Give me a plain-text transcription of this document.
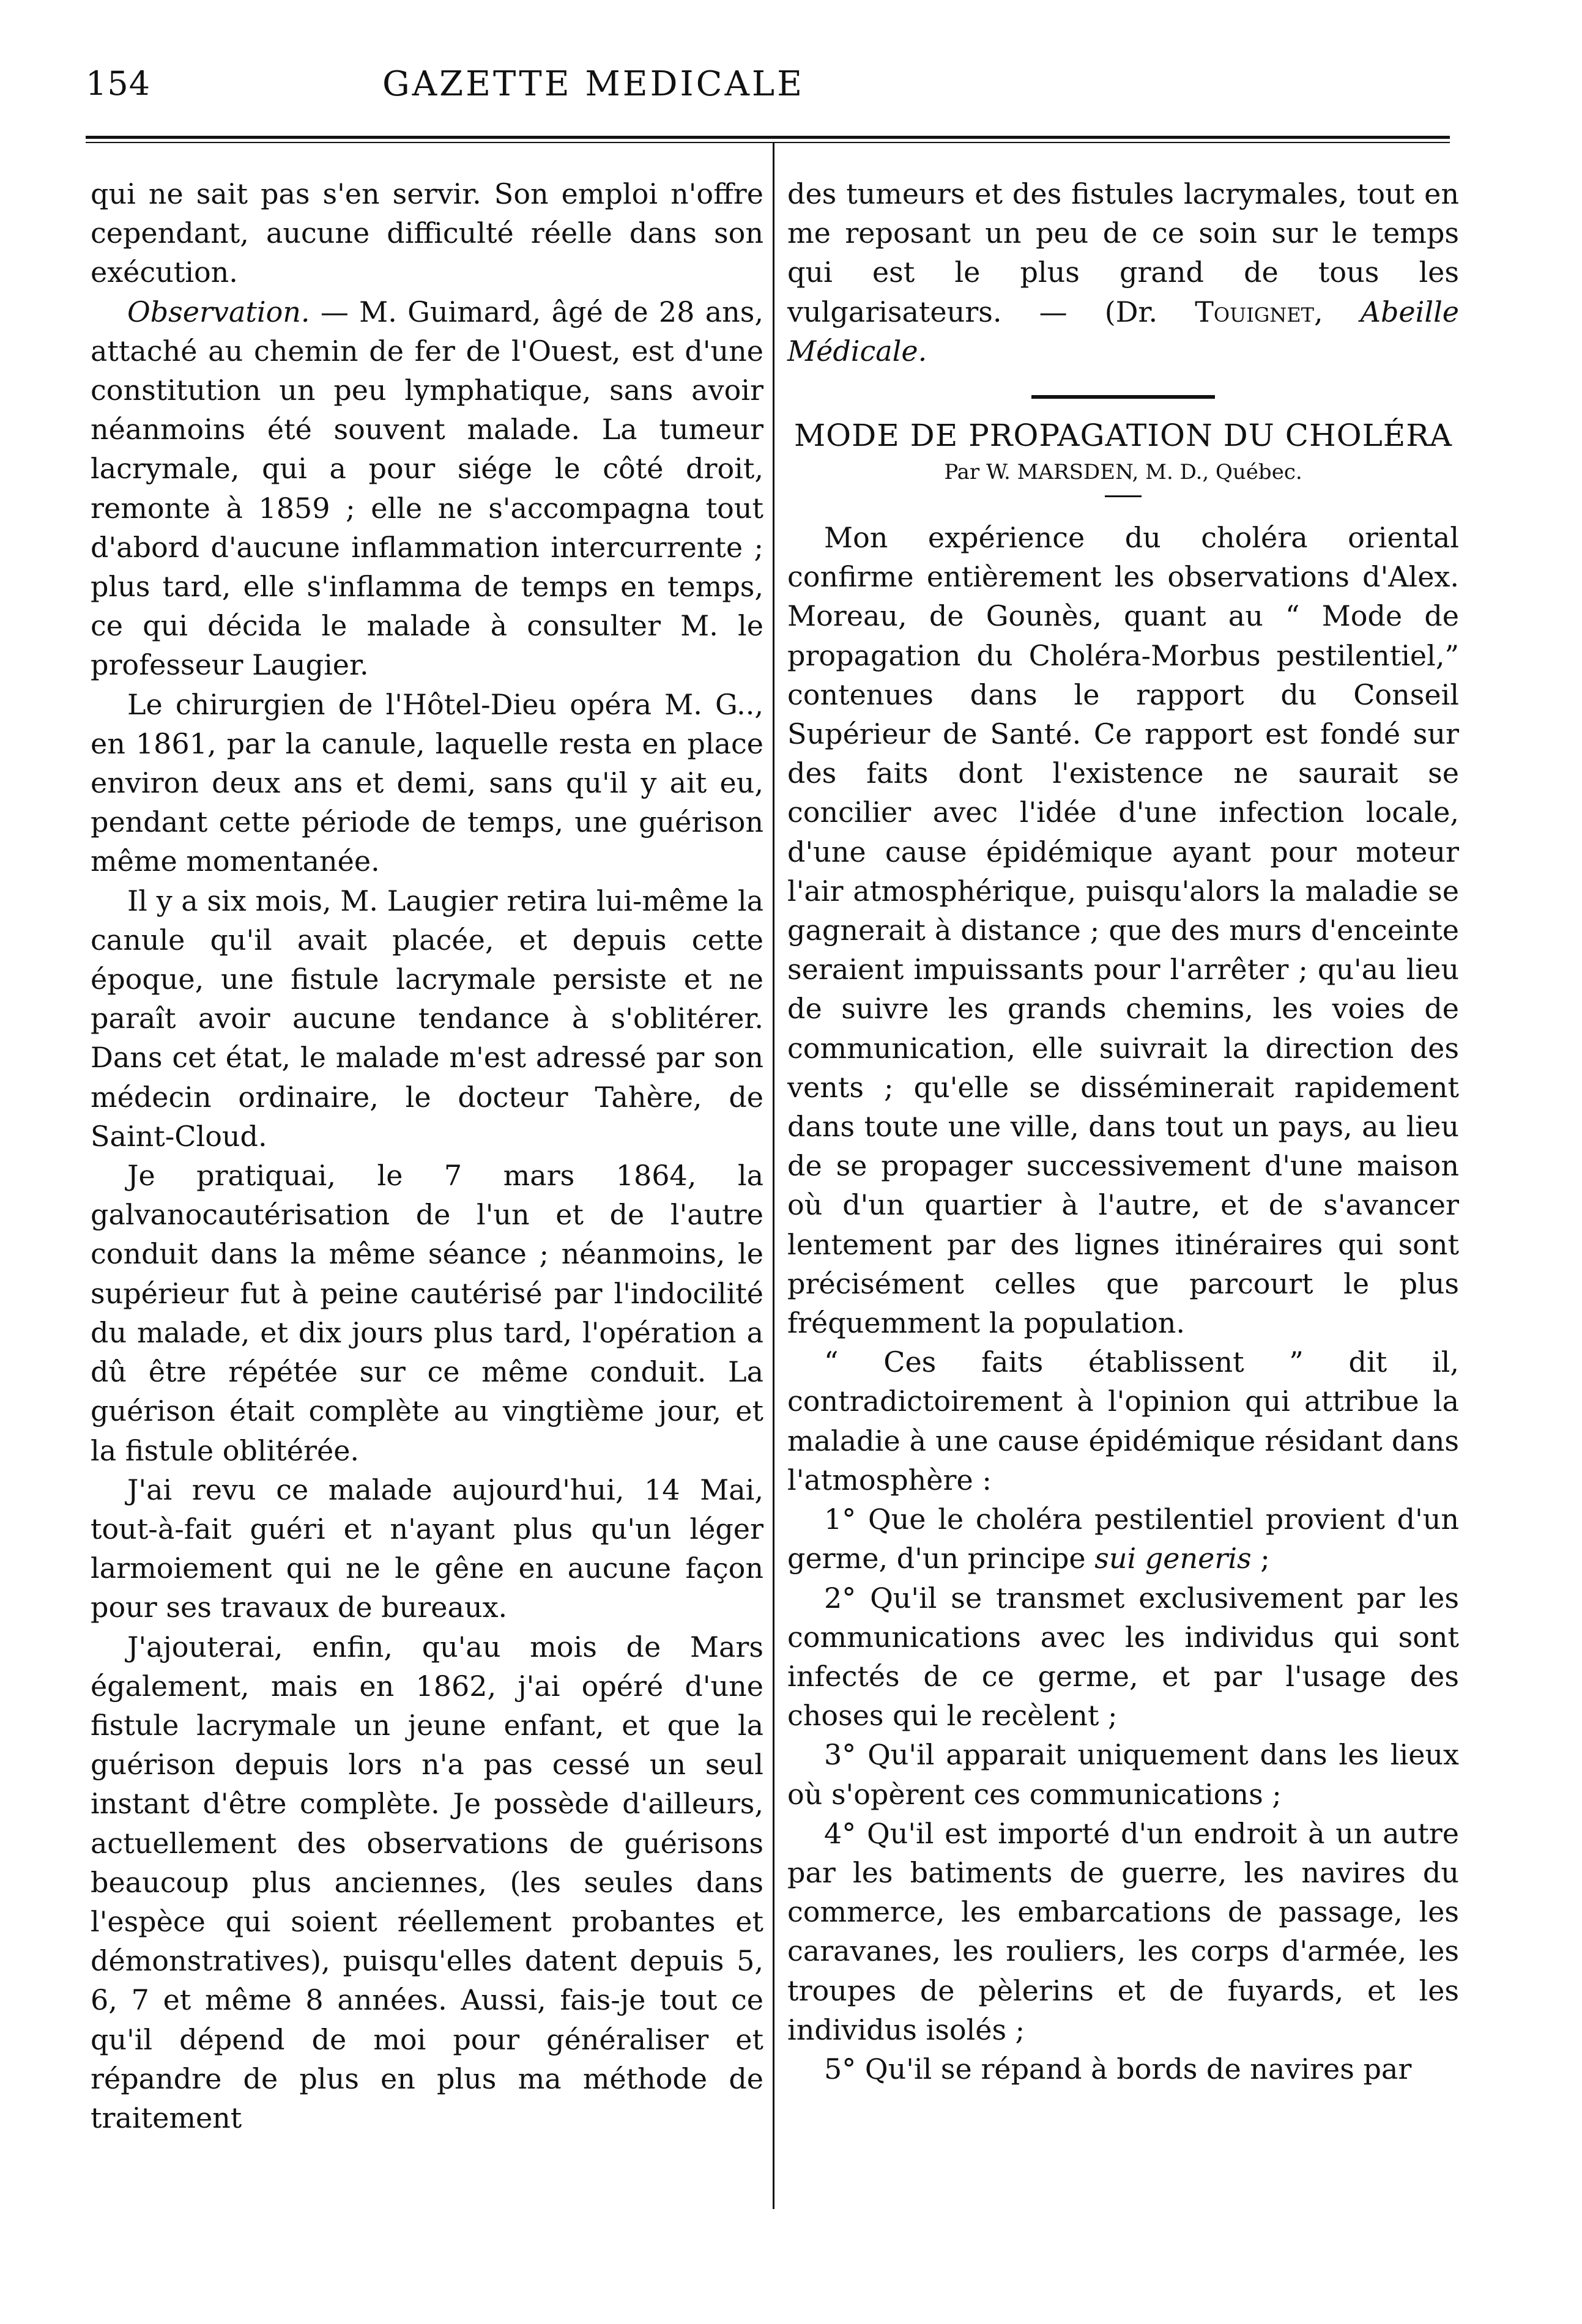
154	GAZETTE MEDICALE

qui ne sait pas s'en servir. Son emploi n'offre cependant, aucune difficulté réelle dans son exécution.

Observation. — M. Guimard, âgé de 28 ans, attaché au chemin de fer de l'Ouest, est d'une constitution un peu lymphatique, sans avoir néanmoins été souvent malade. La tumeur lacrymale, qui a pour siége le côté droit, remonte à 1859 ; elle ne s'accompagna tout d'abord d'aucune inflammation intercurrente ; plus tard, elle s'inflamma de temps en temps, ce qui décida le malade à consulter M. le professeur Laugier.

Le chirurgien de l'Hôtel-Dieu opéra M. G.., en 1861, par la canule, laquelle resta en place environ deux ans et demi, sans qu'il y ait eu, pendant cette période de temps, une guérison même momentanée.

Il y a six mois, M. Laugier retira lui-même la canule qu'il avait placée, et depuis cette époque, une fistule lacrymale persiste et ne paraît avoir aucune tendance à s'oblitérer. Dans cet état, le malade m'est adressé par son médecin ordinaire, le docteur Tahère, de Saint-Cloud.

Je pratiquai, le 7 mars 1864, la galvanocautérisation de l'un et de l'autre conduit dans la même séance ; néanmoins, le supérieur fut à peine cautérisé par l'indocilité du malade, et dix jours plus tard, l'opération a dû être répétée sur ce même conduit. La guérison était complète au vingtième jour, et la fistule oblitérée.

J'ai revu ce malade aujourd'hui, 14 Mai, tout-à-fait guéri et n'ayant plus qu'un léger larmoiement qui ne le gêne en aucune façon pour ses travaux de bureaux.

J'ajouterai, enfin, qu'au mois de Mars également, mais en 1862, j'ai opéré d'une fistule lacrymale un jeune enfant, et que la guérison depuis lors n'a pas cessé un seul instant d'être complète. Je possède d'ailleurs, actuellement des observations de guérisons beaucoup plus anciennes, (les seules dans l'espèce qui soient réellement probantes et démonstratives), puisqu'elles datent depuis 5, 6, 7 et même 8 années. Aussi, fais-je tout ce qu'il dépend de moi pour généraliser et répandre de plus en plus ma méthode de traitement

des tumeurs et des fistules lacrymales, tout en me reposant un peu de ce soin sur le temps qui est le plus grand de tous les vulgarisateurs. — (Dr. Touignet, Abeille Médicale.

MODE DE PROPAGATION DU CHOLÉRA
Par W. MARSDEN, M. D., Québec.

Mon expérience du choléra oriental confirme entièrement les observations d'Alex. Moreau, de Gounès, quant au “ Mode de propagation du Choléra-Morbus pestilentiel,” contenues dans le rapport du Conseil Supérieur de Santé. Ce rapport est fondé sur des faits dont l'existence ne saurait se concilier avec l'idée d'une infection locale, d'une cause épidémique ayant pour moteur l'air atmosphérique, puisqu'alors la maladie se gagnerait à distance ; que des murs d'enceinte seraient impuissants pour l'arrêter ; qu'au lieu de suivre les grands chemins, les voies de communication, elle suivrait la direction des vents ; qu'elle se disséminerait rapidement dans toute une ville, dans tout un pays, au lieu de se propager successivement d'une maison où d'un quartier à l'autre, et de s'avancer lentement par des lignes itinéraires qui sont précisément celles que parcourt le plus fréquemment la population.

“ Ces faits établissent ” dit il, contradictoirement à l'opinion qui attribue la maladie à une cause épidémique résidant dans l'atmosphère :

1° Que le choléra pestilentiel provient d'un germe, d'un principe sui generis ;

2° Qu'il se transmet exclusivement par les communications avec les individus qui sont infectés de ce germe, et par l'usage des choses qui le recèlent ;

3° Qu'il apparait uniquement dans les lieux où s'opèrent ces communications ;

4° Qu'il est importé d'un endroit à un autre par les batiments de guerre, les navires du commerce, les embarcations de passage, les caravanes, les rouliers, les corps d'armée, les troupes de pèlerins et de fuyards, et les individus isolés ;

5° Qu'il se répand à bords de navires par
